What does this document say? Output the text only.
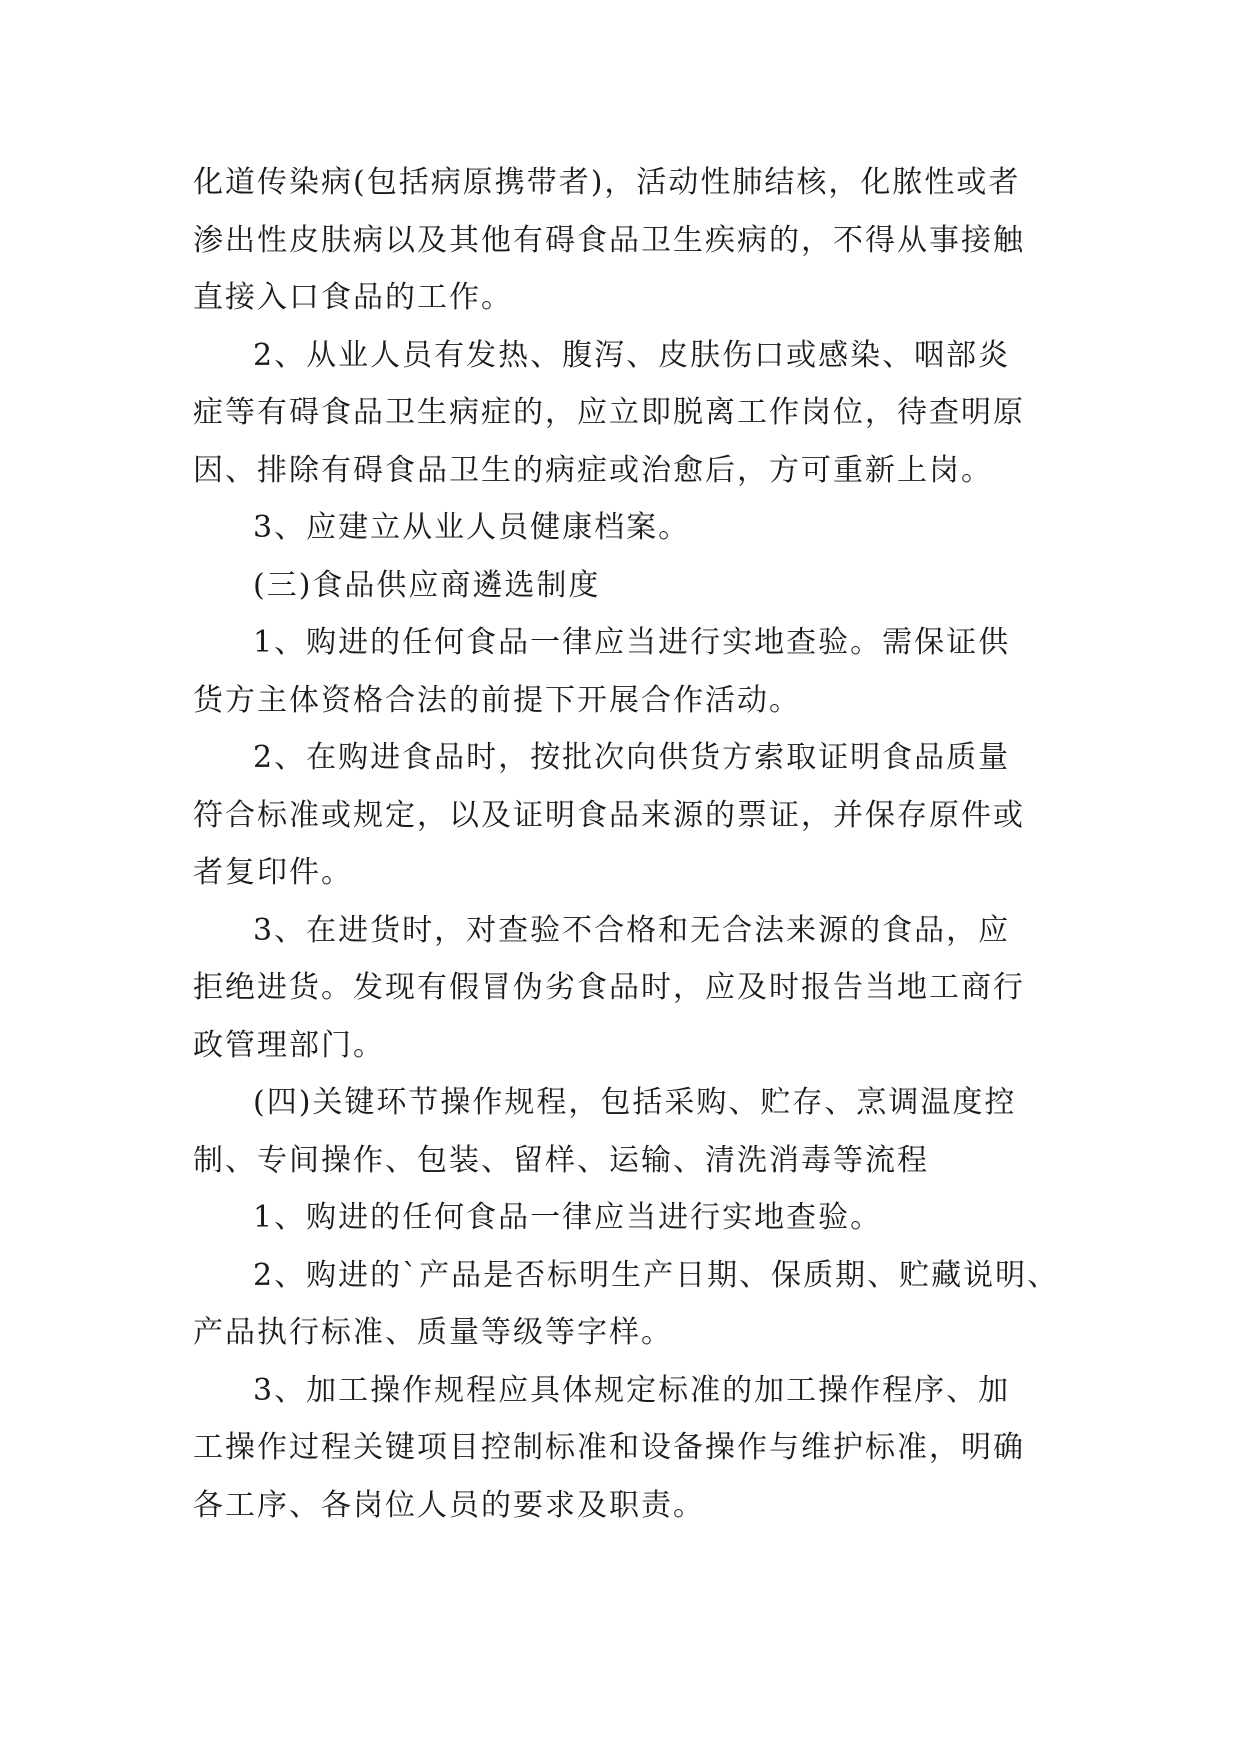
化道传染病(包括病原携带者)，活动性肺结核，化脓性或者
渗出性皮肤病以及其他有碍食品卫生疾病的，不得从事接触
直接入口食品的工作。
2、从业人员有发热、腹泻、皮肤伤口或感染、咽部炎
症等有碍食品卫生病症的，应立即脱离工作岗位，待查明原
因、排除有碍食品卫生的病症或治愈后，方可重新上岗。
3、应建立从业人员健康档案。
(三)食品供应商遴选制度
1、购进的任何食品一律应当进行实地查验。需保证供
货方主体资格合法的前提下开展合作活动。
2、在购进食品时，按批次向供货方索取证明食品质量
符合标准或规定，以及证明食品来源的票证，并保存原件或
者复印件。
3、在进货时，对查验不合格和无合法来源的食品，应
拒绝进货。发现有假冒伪劣食品时，应及时报告当地工商行
政管理部门。
(四)关键环节操作规程，包括采购、贮存、烹调温度控
制、专间操作、包装、留样、运输、清洗消毒等流程
1、购进的任何食品一律应当进行实地查验。
2、购进的`产品是否标明生产日期、保质期、贮藏说明、
产品执行标准、质量等级等字样。
3、加工操作规程应具体规定标准的加工操作程序、加
工操作过程关键项目控制标准和设备操作与维护标准，明确
各工序、各岗位人员的要求及职责。
